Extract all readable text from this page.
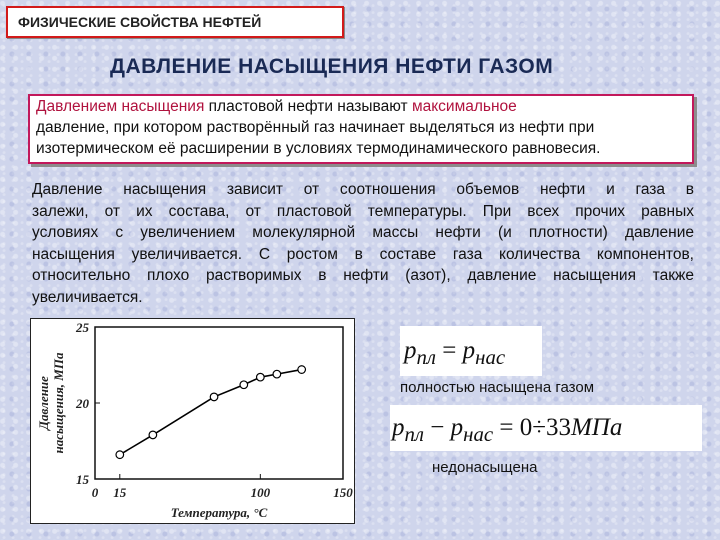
ФИЗИЧЕСКИЕ СВОЙСТВА НЕФТЕЙ
ДАВЛЕНИЕ НАСЫЩЕНИЯ НЕФТИ ГАЗОМ
Давлением насыщения пластовой нефти называют максимальное
давление, при котором растворённый газ начинает выделяться из нефти при
изотермическом её расширении в условиях термодинамического равновесия.
Давление насыщения зависит от соотношения объемов нефти и газа в
залежи, от их состава, от пластовой температуры. При всех прочих равных
условиях с увеличением молекулярной массы нефти (и плотности) давление
насыщения увеличивается. С ростом в составе газа количества компонентов,
относительно плохо растворимых в нефти (азот), давление насыщения также
увеличивается.
15
20
25
0 15	100	150
Температура, °С
Давление насыщения, МПа
$p_{пл} = p_{нас}$
полностью насыщена газом
$p_{пл} - p_{нас} = 0\div 33МПа$
недонасыщена
